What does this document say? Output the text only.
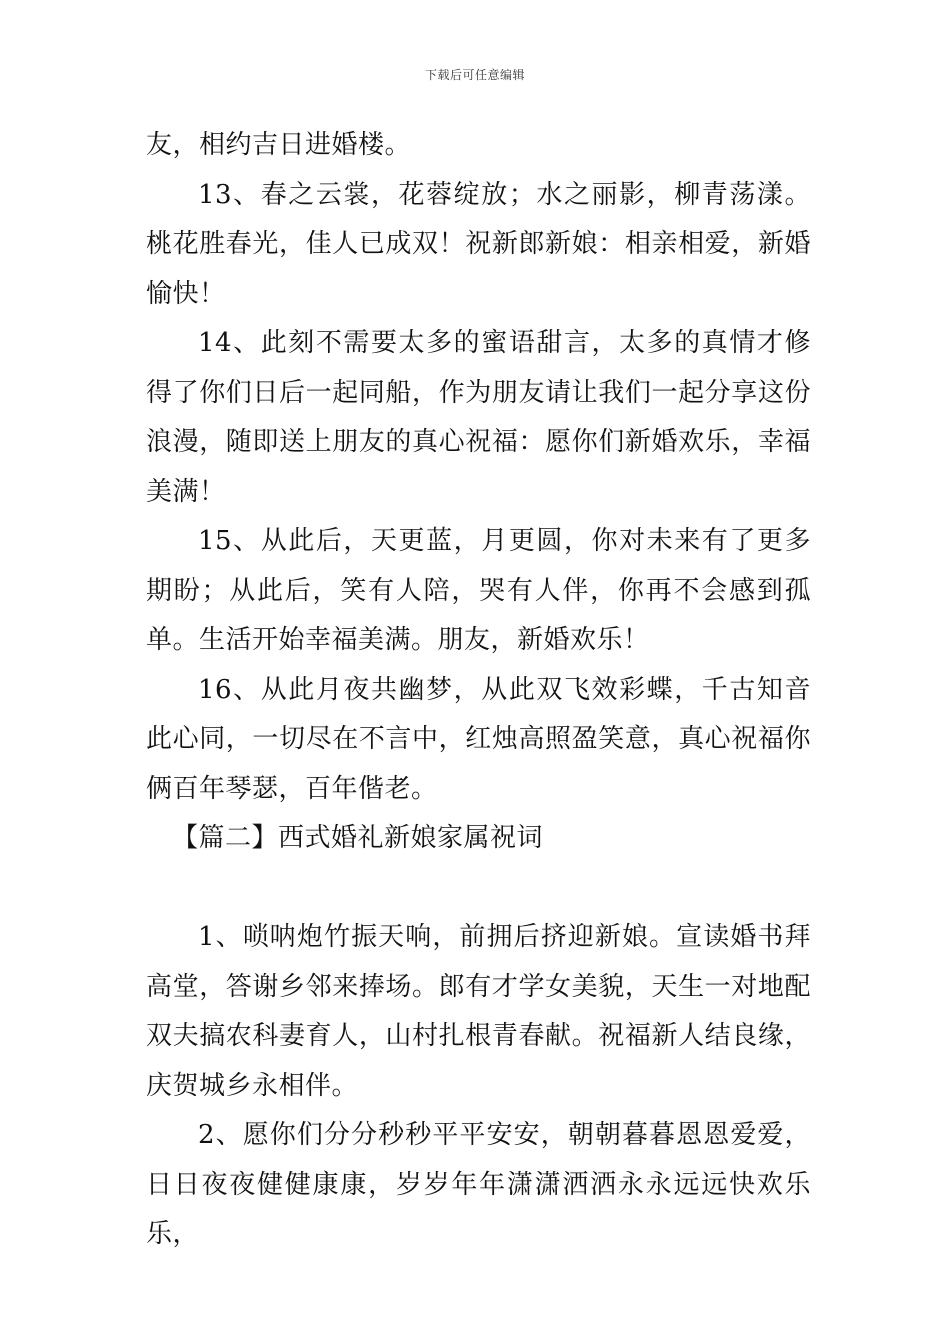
下载后可任意编辑

友，相约吉日进婚楼。

13、春之云裳，花蓉绽放；水之丽影，柳青荡漾。桃花胜春光，佳人已成双！祝新郎新娘：相亲相爱，新婚愉快！

14、此刻不需要太多的蜜语甜言，太多的真情才修得了你们日后一起同船，作为朋友请让我们一起分享这份浪漫，随即送上朋友的真心祝福：愿你们新婚欢乐，幸福美满！

15、从此后，天更蓝，月更圆，你对未来有了更多期盼；从此后，笑有人陪，哭有人伴，你再不会感到孤单。生活开始幸福美满。朋友，新婚欢乐！

16、从此月夜共幽梦，从此双飞效彩蝶，千古知音此心同，一切尽在不言中，红烛高照盈笑意，真心祝福你俩百年琴瑟，百年偕老。

【篇二】西式婚礼新娘家属祝词

1、唢呐炮竹振天响，前拥后挤迎新娘。宣读婚书拜高堂，答谢乡邻来捧场。郎有才学女美貌，天生一对地配双夫搞农科妻育人，山村扎根青春献。祝福新人结良缘，庆贺城乡永相伴。

2、愿你们分分秒秒平平安安，朝朝暮暮恩恩爱爱，日日夜夜健健康康，岁岁年年潇潇洒洒永永远远快欢乐乐，
